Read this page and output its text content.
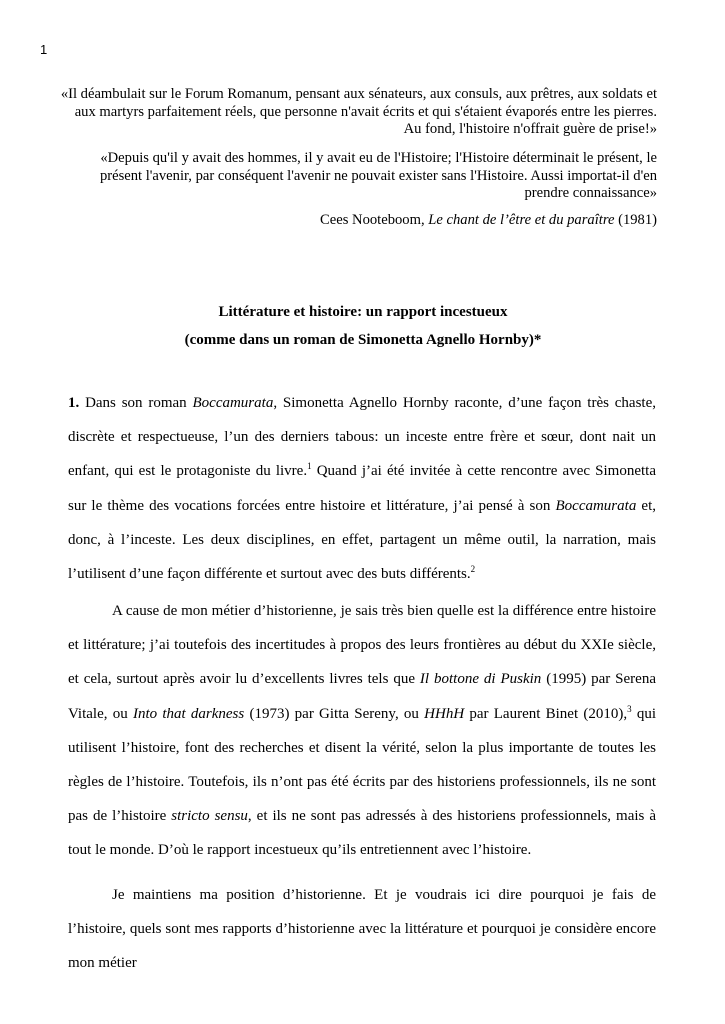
1
«Il déambulait sur le Forum Romanum, pensant aux sénateurs, aux consuls, aux prêtres, aux soldats et aux martyrs parfaitement réels, que personne n'avait écrits et qui s'étaient évaporés entre les pierres. Au fond, l'histoire n'offrait guère de prise!»
«Depuis qu'il y avait des hommes, il y avait eu de l'Histoire; l'Histoire déterminait le présent, le présent l'avenir, par conséquent l'avenir ne pouvait exister sans l'Histoire. Aussi importat-il d'en prendre connaissance»
Cees Nooteboom, Le chant de l’être et du paraître (1981)
Littérature et histoire: un rapport incestueux
(comme dans un roman de Simonetta Agnello Hornby)*
1. Dans son roman Boccamurata, Simonetta Agnello Hornby raconte, d’une façon très chaste, discrète et respectueuse, l’un des derniers tabous: un inceste entre frère et sœur, dont nait un enfant, qui est le protagoniste du livre.$^1$ Quand j’ai été invitée à cette rencontre avec Simonetta sur le thème des vocations forcées entre histoire et littérature, j’ai pensé à son Boccamurata et, donc, à l’inceste. Les deux disciplines, en effet, partagent un même outil, la narration, mais l’utilisent d’une façon différente et surtout avec des buts différents.$^2$
A cause de mon métier d’historienne, je sais très bien quelle est la différence entre histoire et littérature; j’ai toutefois des incertitudes à propos des leurs frontières au début du XXIe siècle, et cela, surtout après avoir lu d’excellents livres tels que Il bottone di Puskin (1995) par Serena Vitale, ou Into that darkness (1973) par Gitta Sereny, ou HHhH par Laurent Binet (2010),$^3$ qui utilisent l’histoire, font des recherches et disent la vérité, selon la plus importante de toutes les règles de l’histoire. Toutefois, ils n’ont pas été écrits par des historiens professionnels, ils ne sont pas de l’histoire stricto sensu, et ils ne sont pas adressés à des historiens professionnels, mais à tout le monde. D’où le rapport incestueux qu’ils entretiennent avec l’histoire.
Je maintiens ma position d’historienne. Et je voudrais ici dire pourquoi je fais de l’histoire, quels sont mes rapports d’historienne avec la littérature et pourquoi je considère encore mon métier
